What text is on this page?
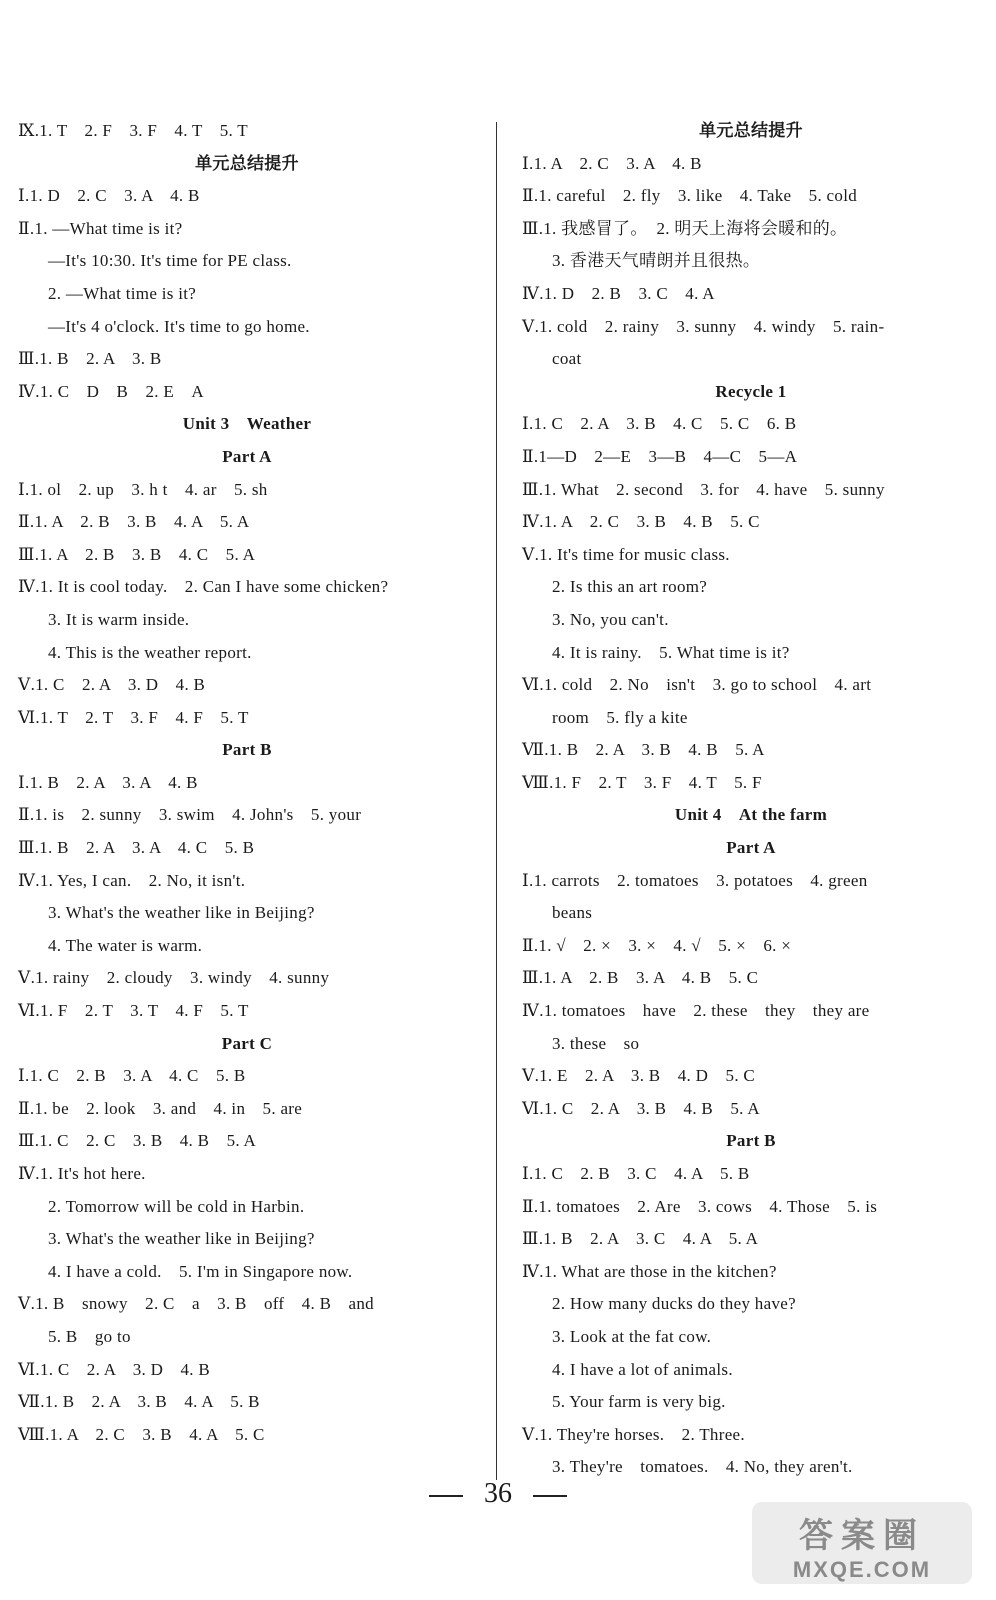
Ⅸ.1. T　2. F　3. F　4. T　5. T
单元总结提升
Ⅰ.1. D　2. C　3. A　4. B
Ⅱ.1. —What time is it?
—It's 10:30. It's time for PE class.
2. —What time is it?
—It's 4 o'clock. It's time to go home.
Ⅲ.1. B　2. A　3. B
Ⅳ.1. C　D　B　2. E　A
Unit 3　Weather
Part A
Ⅰ.1. ol　2. up　3. h t　4. ar　5. sh
Ⅱ.1. A　2. B　3. B　4. A　5. A
Ⅲ.1. A　2. B　3. B　4. C　5. A
Ⅳ.1. It is cool today.　2. Can I have some chicken?
3. It is warm inside.
4. This is the weather report.
Ⅴ.1. C　2. A　3. D　4. B
Ⅵ.1. T　2. T　3. F　4. F　5. T
Part B
Ⅰ.1. B　2. A　3. A　4. B
Ⅱ.1. is　2. sunny　3. swim　4. John's　5. your
Ⅲ.1. B　2. A　3. A　4. C　5. B
Ⅳ.1. Yes, I can.　2. No, it isn't.
3. What's the weather like in Beijing?
4. The water is warm.
Ⅴ.1. rainy　2. cloudy　3. windy　4. sunny
Ⅵ.1. F　2. T　3. T　4. F　5. T
Part C
Ⅰ.1. C　2. B　3. A　4. C　5. B
Ⅱ.1. be　2. look　3. and　4. in　5. are
Ⅲ.1. C　2. C　3. B　4. B　5. A
Ⅳ.1. It's hot here.
2. Tomorrow will be cold in Harbin.
3. What's the weather like in Beijing?
4. I have a cold.　5. I'm in Singapore now.
Ⅴ.1. B　snowy　2. C　a　3. B　off　4. B　and
5. B　go to
Ⅵ.1. C　2. A　3. D　4. B
Ⅶ.1. B　2. A　3. B　4. A　5. B
Ⅷ.1. A　2. C　3. B　4. A　5. C
单元总结提升
Ⅰ.1. A　2. C　3. A　4. B
Ⅱ.1. careful　2. fly　3. like　4. Take　5. cold
Ⅲ.1. 我感冒了。　2. 明天上海将会暖和的。
3. 香港天气晴朗并且很热。
Ⅳ.1. D　2. B　3. C　4. A
Ⅴ.1. cold　2. rainy　3. sunny　4. windy　5. rain-
coat
Recycle 1
Ⅰ.1. C　2. A　3. B　4. C　5. C　6. B
Ⅱ.1—D　2—E　3—B　4—C　5—A
Ⅲ.1. What　2. second　3. for　4. have　5. sunny
Ⅳ.1. A　2. C　3. B　4. B　5. C
Ⅴ.1. It's time for music class.
2. Is this an art room?
3. No, you can't.
4. It is rainy.　5. What time is it?
Ⅵ.1. cold　2. No　isn't　3. go to school　4. art
room　5. fly a kite
Ⅶ.1. B　2. A　3. B　4. B　5. A
Ⅷ.1. F　2. T　3. F　4. T　5. F
Unit 4　At the farm
Part A
Ⅰ.1. carrots　2. tomatoes　3. potatoes　4. green
beans
Ⅱ.1. √　2. ×　3. ×　4. √　5. ×　6. ×
Ⅲ.1. A　2. B　3. A　4. B　5. C
Ⅳ.1. tomatoes　have　2. these　they　they are
3. these　so
Ⅴ.1. E　2. A　3. B　4. D　5. C
Ⅵ.1. C　2. A　3. B　4. B　5. A
Part B
Ⅰ.1. C　2. B　3. C　4. A　5. B
Ⅱ.1. tomatoes　2. Are　3. cows　4. Those　5. is
Ⅲ.1. B　2. A　3. C　4. A　5. A
Ⅳ.1. What are those in the kitchen?
2. How many ducks do they have?
3. Look at the fat cow.
4. I have a lot of animals.
5. Your farm is very big.
Ⅴ.1. They're horses.　2. Three.
3. They're　tomatoes.　4. No, they aren't.
36
答案圈
MXQE.COM
